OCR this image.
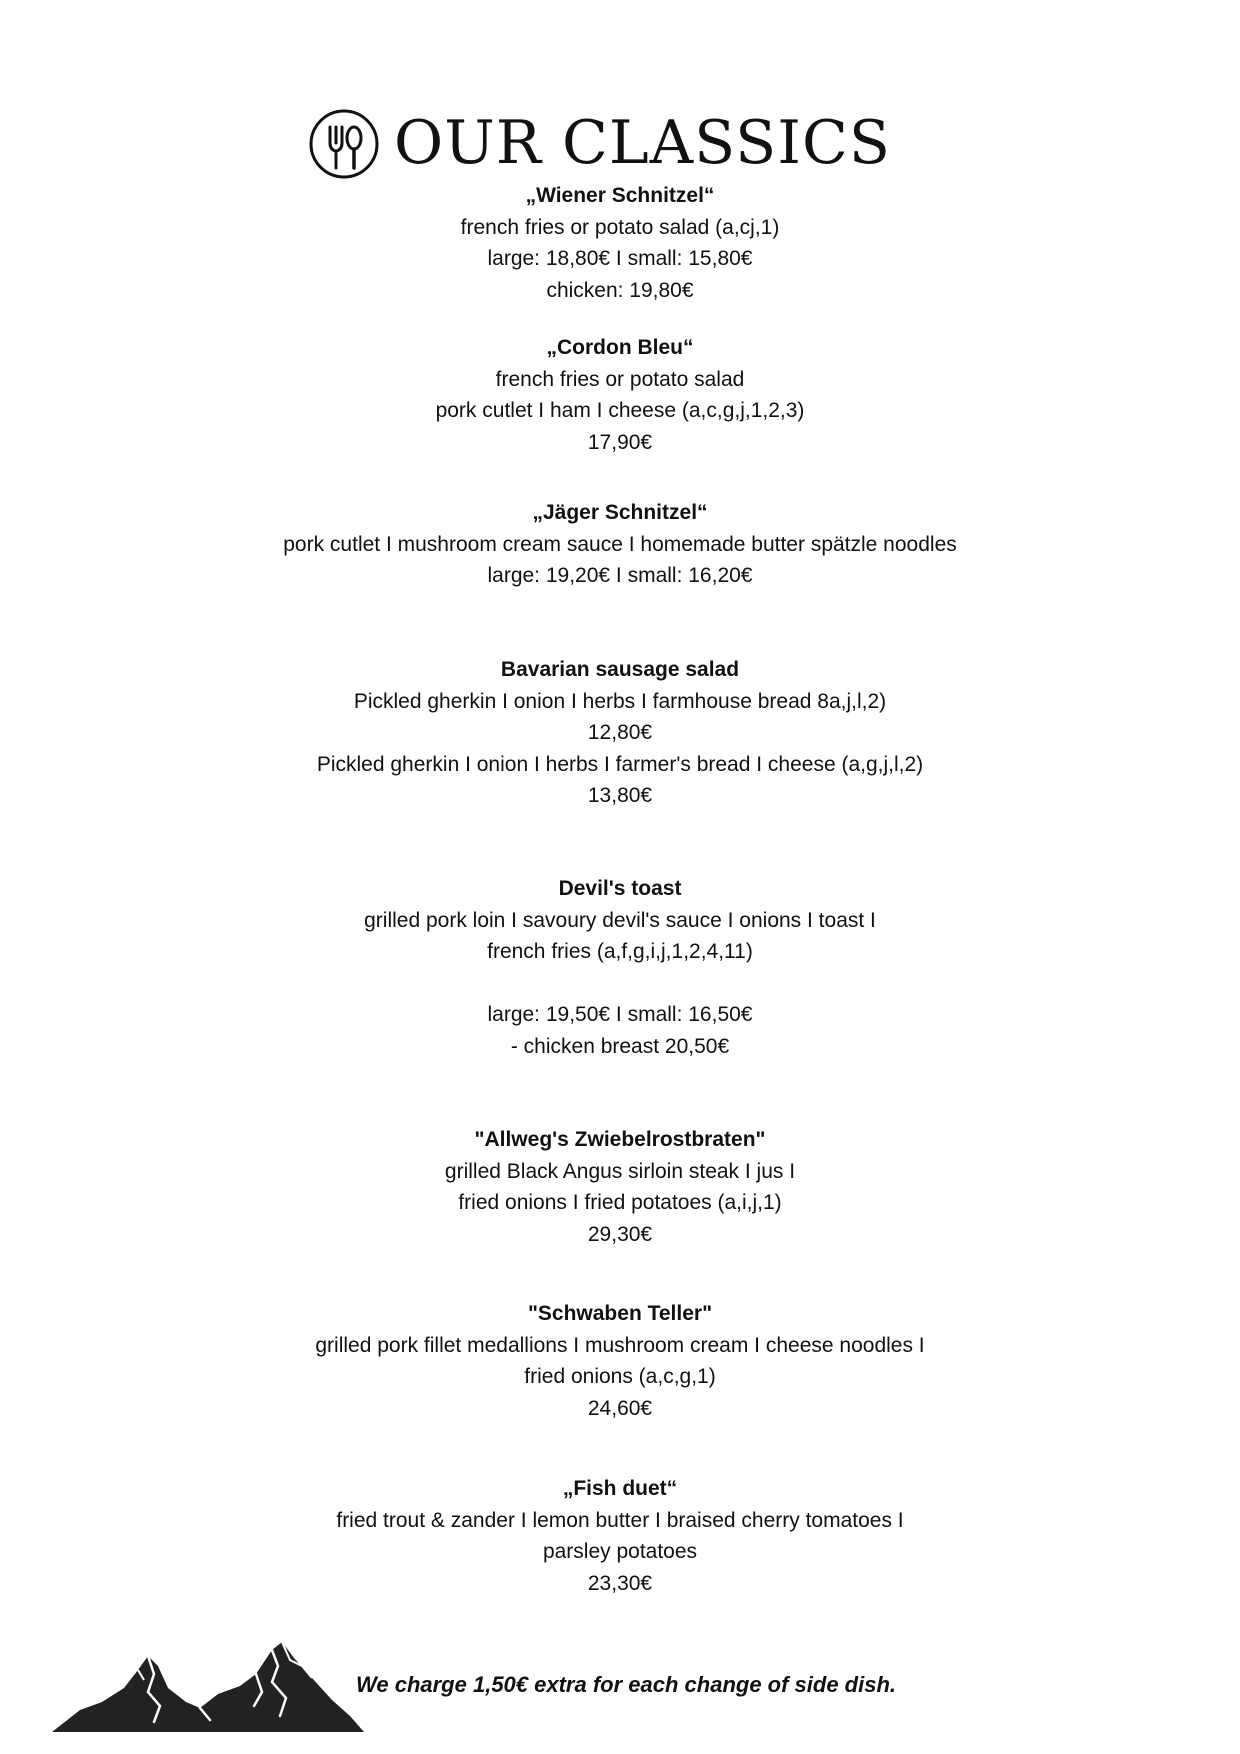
OUR CLASSICS
„Wiener Schnitzel“
french fries or potato salad (a,cj,1)
large: 18,80€ I small: 15,80€
chicken: 19,80€
„Cordon Bleu“
french fries or potato salad
pork cutlet I ham I cheese (a,c,g,j,1,2,3)
17,90€
„Jäger Schnitzel“
pork cutlet I mushroom cream sauce I homemade butter spätzle noodles
large: 19,20€ I small: 16,20€
Bavarian sausage salad
Pickled gherkin I onion I herbs I farmhouse bread 8a,j,l,2)
12,80€
Pickled gherkin I onion I herbs I farmer's bread I cheese (a,g,j,l,2)
13,80€
Devil's toast
grilled pork loin I savoury devil's sauce I onions I toast I
french fries (a,f,g,i,j,1,2,4,11)
large: 19,50€ I small: 16,50€
- chicken breast 20,50€
"Allweg's Zwiebelrostbraten"
grilled Black Angus sirloin steak I jus I
fried onions I fried potatoes (a,i,j,1)
29,30€
"Schwaben Teller"
grilled pork fillet medallions I mushroom cream I cheese noodles I
fried onions (a,c,g,1)
24,60€
„Fish duet“
fried trout & zander I lemon butter I braised cherry tomatoes I
parsley potatoes
23,30€
We charge 1,50€ extra for each change of side dish.
